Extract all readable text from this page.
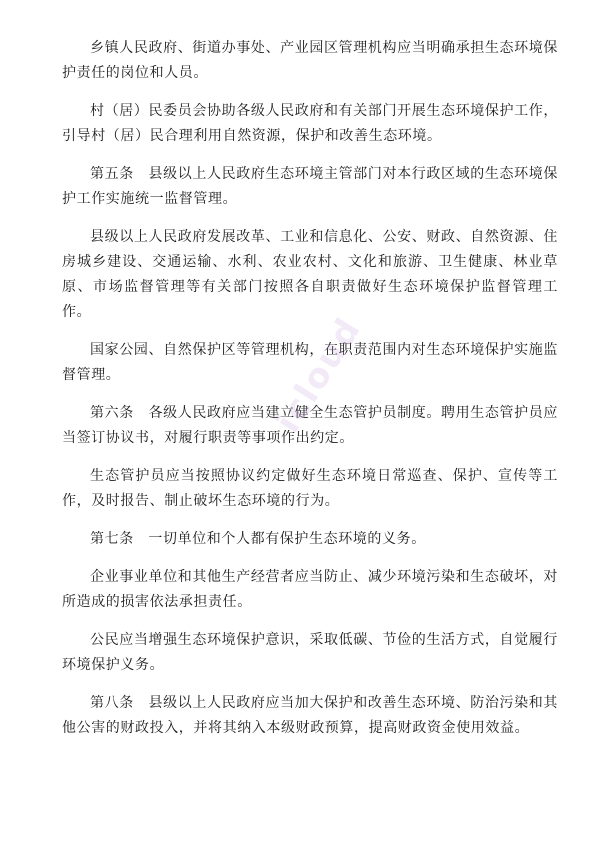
乡镇人民政府、街道办事处、产业园区管理机构应当明确承担生态环境保护责任的岗位和人员。

村（居）民委员会协助各级人民政府和有关部门开展生态环境保护工作，引导村（居）民合理利用自然资源，保护和改善生态环境。

第五条　县级以上人民政府生态环境主管部门对本行政区域的生态环境保护工作实施统一监督管理。

县级以上人民政府发展改革、工业和信息化、公安、财政、自然资源、住房城乡建设、交通运输、水利、农业农村、文化和旅游、卫生健康、林业草原、市场监督管理等有关部门按照各自职责做好生态环境保护监督管理工作。

国家公园、自然保护区等管理机构，在职责范围内对生态环境保护实施监督管理。

第六条　各级人民政府应当建立健全生态管护员制度。聘用生态管护员应当签订协议书，对履行职责等事项作出约定。

生态管护员应当按照协议约定做好生态环境日常巡查、保护、宣传等工作，及时报告、制止破坏生态环境的行为。

第七条　一切单位和个人都有保护生态环境的义务。

企业事业单位和其他生产经营者应当防止、减少环境污染和生态破坏，对所造成的损害依法承担责任。

公民应当增强生态环境保护意识，采取低碳、节俭的生活方式，自觉履行环境保护义务。

第八条　县级以上人民政府应当加大保护和改善生态环境、防治污染和其他公害的财政投入，并将其纳入本级财政预算，提高财政资金使用效益。

icloud
